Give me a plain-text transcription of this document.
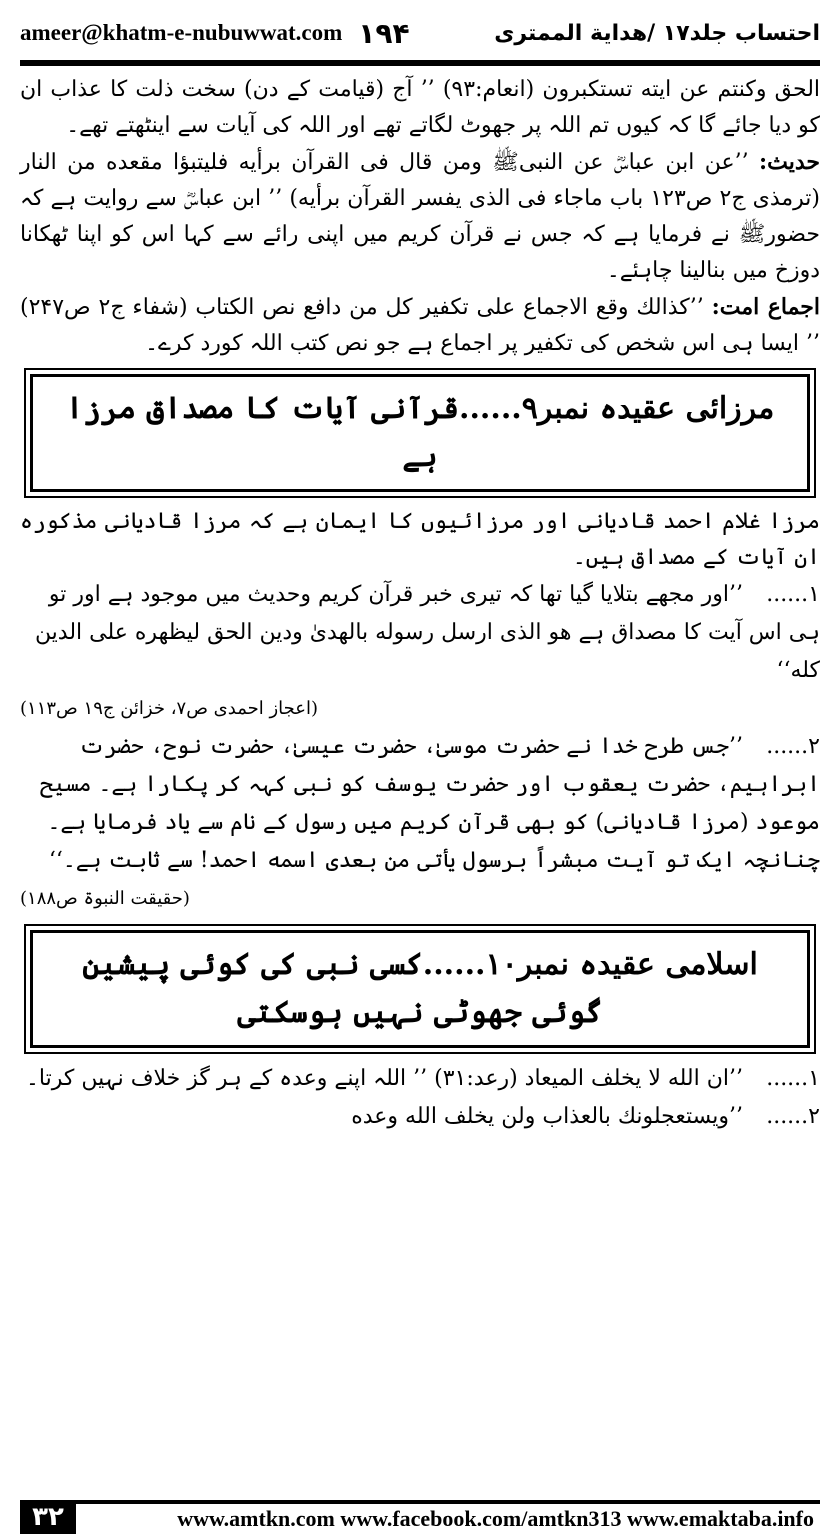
ameer@khatm-e-nubuwwat.com ۱۹۴	احتساب جلد۱۷ /هداية الممترى

الحق وكنتم عن ايته تستكبرون (انعام:۹۳) ’’ آج (قیامت کے دن) سخت ذلت کا عذاب ان کو دیا جائے گا کہ کیوں تم اللہ پر جھوٹ لگاتے تھے اور اللہ کی آیات سے اینٹھتے تھے۔

حدیث: ’’عن ابن عباسؓ عن النبیﷺ ومن قال فی القرآن برأيه فليتبؤا مقعده من النار (ترمذی ج۲ ص۱۲۳ باب ماجاء فی الذی یفسر القرآن برأيه) ’’ ابن عباسؓ سے روایت ہے کہ حضورﷺ نے فرمایا ہے کہ جس نے قرآن کریم میں اپنی رائے سے کہا اس کو اپنا ٹھکانا دوزخ میں بنالینا چاہئے۔

اجماع امت: ’’كذالك وقع الاجماع على تكفير كل من دافع نص الكتاب (شفاء ج۲ ص۲۴۷) ’’ ایسا ہی اس شخص کی تکفیر پر اجماع ہے جو نص کتب اللہ کورد کرے۔

مرزائی عقیدہ نمبر۹......قرآنی آیات کا مصداق مرزا ہے

مرزا غلام احمد قادیانی اور مرزائیوں کا ایمان ہے کہ مرزا قادیانی مذکورہ ان آیات کے مصداق ہیں۔

۱...... ’’اور مجھے بتلایا گیا تھا کہ تیری خبر قرآن کریم وحدیث میں موجود ہے اور تو ہی اس آیت کا مصداق ہے هو الذى ارسل رسوله بالهدىٰ ودين الحق ليظهره على الدين كله‘‘

(اعجاز احمدی ص۷، خزائن ج۱۹ ص۱۱۳)

۲...... ’’جس طرح خدا نے حضرت موسیٰ، حضرت عیسیٰ، حضرت نوح، حضرت ابراہیم، حضرت یعقوب اور حضرت یوسف کو نبی کہہ کر پکارا ہے۔ مسیح موعود (مرزا قادیانی) کو بھی قرآن کریم میں رسول کے نام سے یاد فرمایا ہے۔ چنانچہ ایک تو آیت مبشراً برسول یأتی من بعدی اسمه احمد! سے ثابت ہے۔‘‘

(حقیقت النبوۃ ص۱۸۸)
اسلامی عقیدہ نمبر۱۰......کسی نبی کی کوئی پیشین گوئی جھوٹی نہیں ہوسکتی

۱...... ’’ان الله لا يخلف الميعاد (رعد:۳۱) ’’ اللہ اپنے وعدہ کے ہر گز خلاف نہیں کرتا۔

۲...... ’’ويستعجلونك بالعذاب ولن يخلف الله وعده

۳۲	www.amtkn.com www.facebook.com/amtkn313 www.emaktaba.info
